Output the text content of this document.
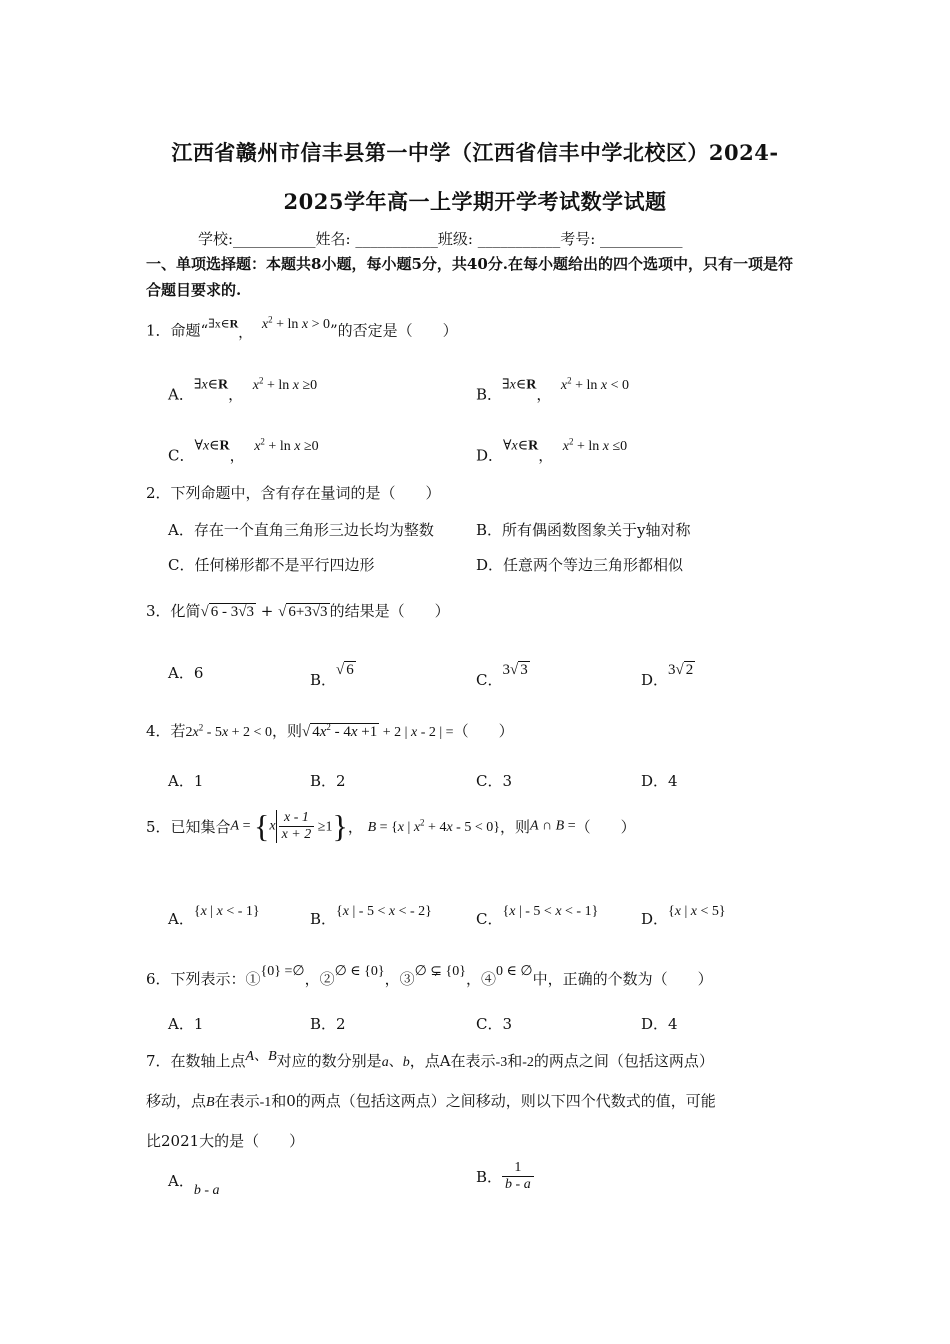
江西省赣州市信丰县第一中学（江西省信丰中学北校区）2024-
2025学年高一上学期开学考试数学试题
学校:___________姓名: ___________班级: ___________考号: ___________
一、单项选择题：本题共8小题，每小题5分，共40分.在每小题给出的四个选项中，只有一项是符合题目要求的.
1．命题“$^{\exists x\in R}$，  $x^2 + \ln x > 0$”的否定是（　　）
A．∃x∈R，  $x^2 + \ln x \ge 0$
B．∃x∈R，  $x^2 + \ln x < 0$
C．∀x∈R，  $x^2 + \ln x \ge 0$
D．∀x∈R，  $x^2 + \ln x \le 0$
2．下列命题中，含有存在量词的是（　　）
A．存在一个直角三角形三边长均为整数	B．所有偶函数图象关于y轴对称
C．任何梯形都不是平行四边形	D．任意两个等边三角形都相似
3．化简√ 6 - 3√3 + √ 6+3√3 的结果是（　　）
A．6	B．√ 6
C．3√ 3
D．3√ 2
4．若$2x^2 - 5x + 2 < 0$，则√ $4x^2 - 4x +1 + 2$ | x - 2 | =（　　）
A．1	B．2	C．3	D．4
5．已知集合$A = \{x \frac{x - 1}{x + 2} \ge 1\}$， B = {x | $x^2 + 4x - 5 < 0$}，则A ∩ B =（　　）
A．{x | x < - 1}	B．{x | - 5 < x < - 2}	C．{x | - 5 < x < - 1}	D．{x | x < 5}
6．下列表示：①{0} =∅，②∅ ∈ {0}，③∅ ⊊ {0}，④0 ∈ ∅中，正确的个数为（　　）
A．1	B．2	C．3	D．4
7．在数轴上点A、B对应的数分别是a、b，点A在表示-3和-2的两点之间（包括这两点）
移动，点B在表示-1和0的两点（包括这两点）之间移动，则以下四个代数式的值，可能
比2021大的是（　　）
A．b - a
B． $\frac{1}{b - a}$
